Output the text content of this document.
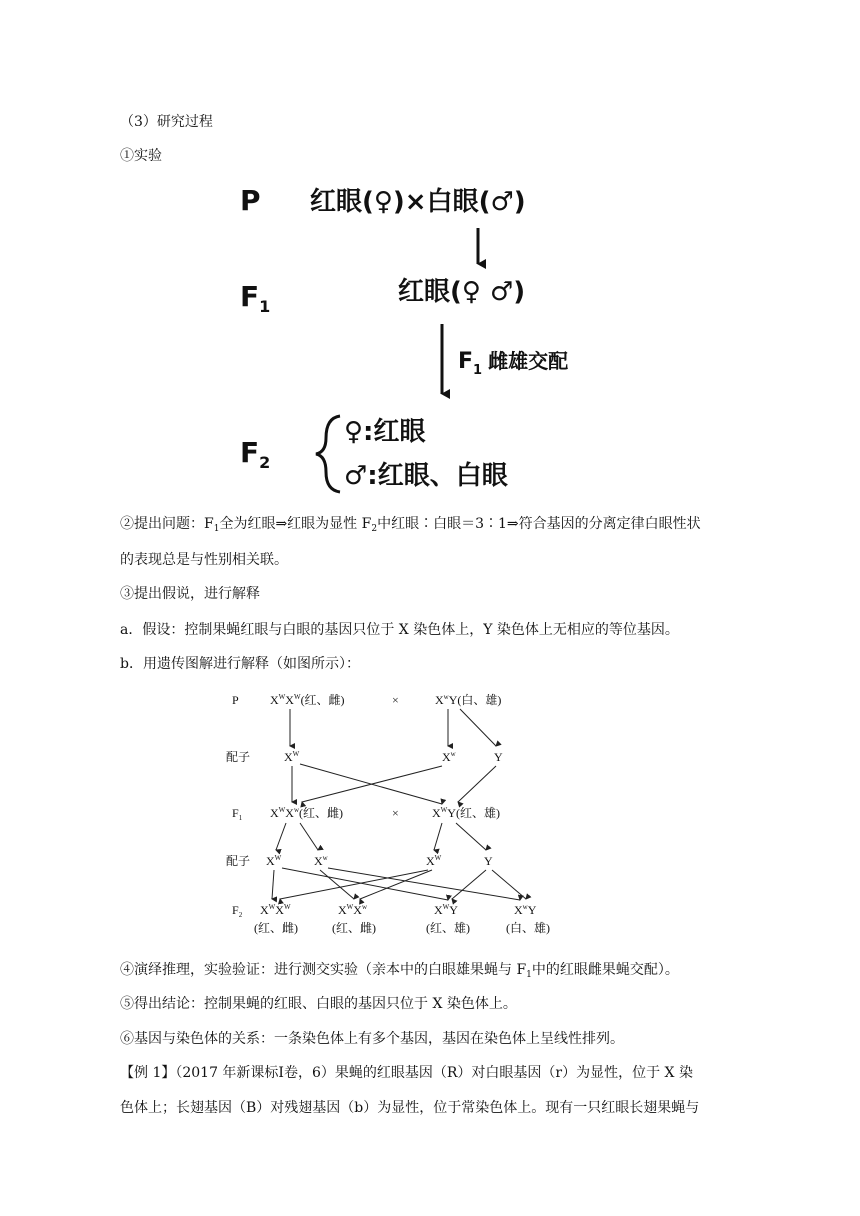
（3）研究过程
①实验
P 红眼(♀)×白眼(♂)
$F_1$	红眼(♀ ♂)
$F_1$ 雌雄交配
$F_2$
♀:红眼
♂:红眼、白眼
②提出问题：$F_1$全为红眼⇒红眼为显性 $F_2$中红眼∶白眼＝3∶1⇒符合基因的分离定律白眼性状
的表现总是与性别相关联。
③提出假说，进行解释
a．假设：控制果蝇红眼与白眼的基因只位于 X 染色体上，Y 染色体上无相应的等位基因。
b．用遗传图解进行解释（如图所示）：
P	$X^WX^W$(红、雌)	×	$X^wY$(白、雄)
配子	$X^W$	$X^w$	Y
$F_1$ $X^WX^w$(红、雌)	×	$X^WY$(红、雄)
配子 $X^W$	$X^w$	$X^W$	Y
$F_2$ $X^WX^W$	$X^WX^w$	$X^WY$	$X^wY$
(红、雌)	(红、雌)	(红、雄)	(白、雄)
④演绎推理，实验验证：进行测交实验（亲本中的白眼雄果蝇与 $F_1$中的红眼雌果蝇交配）。
⑤得出结论：控制果蝇的红眼、白眼的基因只位于 X 染色体上。
⑥基因与染色体的关系：一条染色体上有多个基因，基因在染色体上呈线性排列。
【例 1】（2017 年新课标Ⅰ卷，6）果蝇的红眼基因（R）对白眼基因（r）为显性，位于 X 染
色体上；长翅基因（B）对残翅基因（b）为显性，位于常染色体上。现有一只红眼长翅果蝇与
